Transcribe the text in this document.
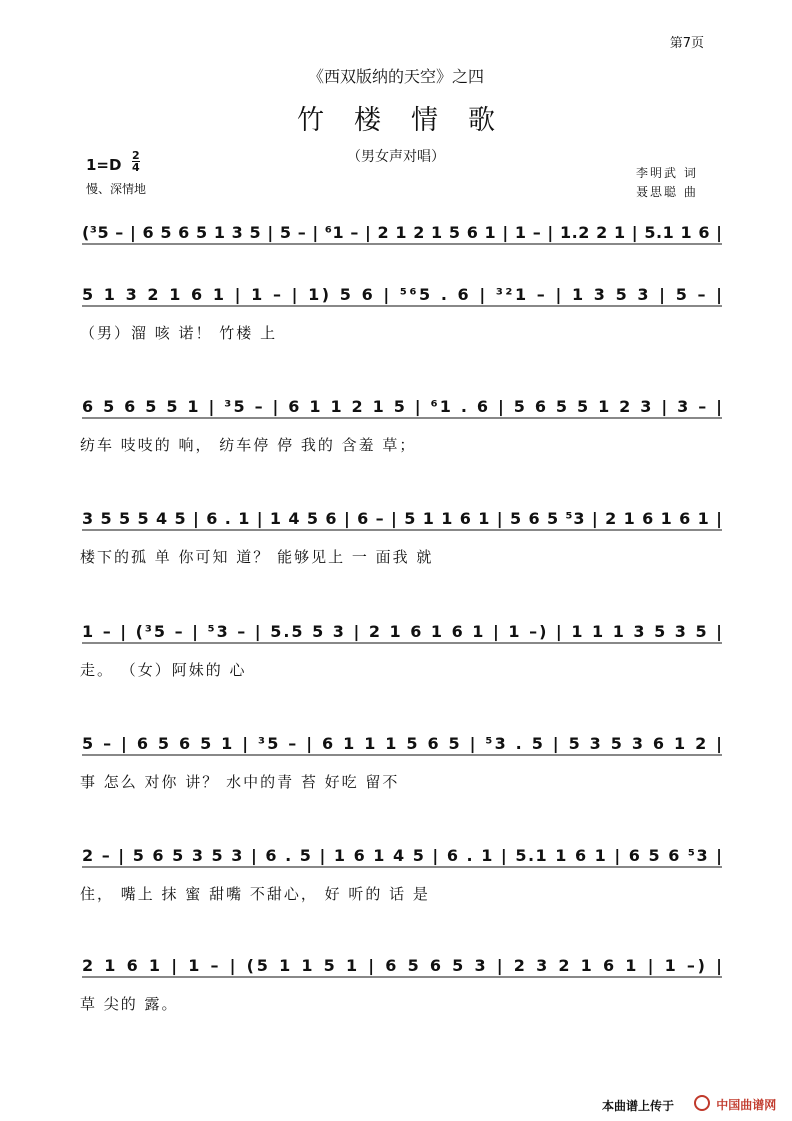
第7页
《西双版纳的天空》之四
竹楼情歌
（男女声对唱）
$1=D \frac{2}{4}$
慢、深情地
李明武 词
聂思聪 曲
(³5 – | 6 5 6 5 1 3 5 | 5 – | ⁶1 – | 2 1 2 1 5 6 1 | 1 – | 1.2 2 1 | 5.1 1 6 |
5 1 3 2 1 6 1 | 1 – | 1) 5 6 | ⁵⁶5 . 6 | ³²1 – | 1 3 5 3 | 5 – |
6 5 6 5 5 1 | ³5 – | 6 1 1 2 1 5 | ⁶1 . 6 | 5 6 5 5 1 2 3 | 3 – |
3 5 5 5 4 5 | 6 . 1 | 1 4 5 6 | 6 – | 5 1 1 6 1 | 5 6 5 ⁵3 | 2 1 6 1 6 1 |
1 – | (³5 – | ⁵3 – | 5.5 5 3 | 2 1 6 1 6 1 | 1 –) | 1 1 1 3 5 3 5 |
5 – | 6 5 6 5 1 | ³5 – | 6 1 1 1 5 6 5 | ⁵3 . 5 | 5 3 5 3 6 1 2 |
2 – | 5 6 5 3 5 3 | 6 . 5 | 1 6 1 4 5 | 6 . 1 | 5.1 1 6 1 | 6 5 6 ⁵3 |
2 1 6 1 | 1 – | (5 1 1 5 1 | 6 5 6 5 3 | 2 3 2 1 6 1 | 1 –) |
（男）溜 咳 诺！ 竹楼 上
纺车 吱吱的 响， 纺车停 停 我的 含羞 草；
楼下的孤 单 你可知 道？ 能够见上 一 面我 就
走。 （女）阿妹的 心
事 怎么 对你 讲？ 水中的青 苔 好吃 留不
住， 嘴上 抹 蜜 甜嘴 不甜心， 好 听的 话 是
草 尖的 露。
本曲谱上传于	中国曲谱网
